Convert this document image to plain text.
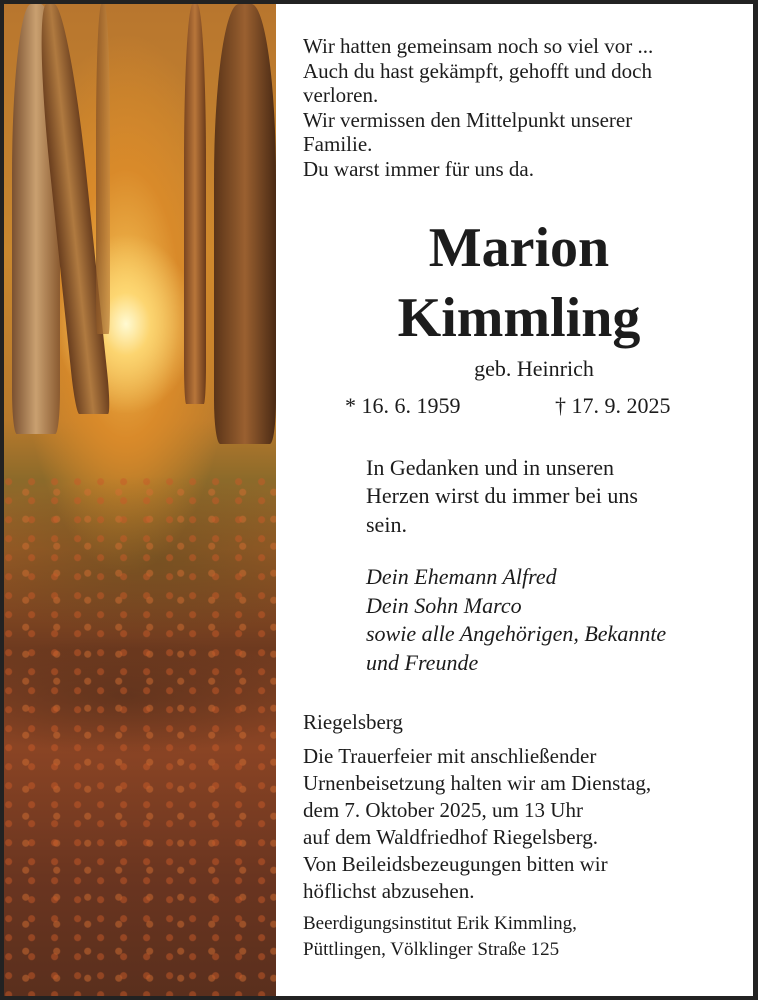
Wir hatten gemeinsam noch so viel vor ...
Auch du hast gekämpft, gehofft und doch
verloren.
Wir vermissen den Mittelpunkt unserer
Familie.
Du warst immer für uns da.

Marion
Kimmling
geb. Heinrich
* 16. 6. 1959	† 17. 9. 2025

In Gedanken und in unseren
Herzen wirst du immer bei uns
sein.

Dein Ehemann Alfred
Dein Sohn Marco
sowie alle Angehörigen, Bekannte
und Freunde

Riegelsberg

Die Trauerfeier mit anschließender
Urnenbeisetzung halten wir am Dienstag,
dem 7. Oktober 2025, um 13 Uhr
auf dem Waldfriedhof Riegelsberg.
Von Beileidsbezeugungen bitten wir
höflichst abzusehen.

Beerdigungsinstitut Erik Kimmling,
Püttlingen, Völklinger Straße 125
